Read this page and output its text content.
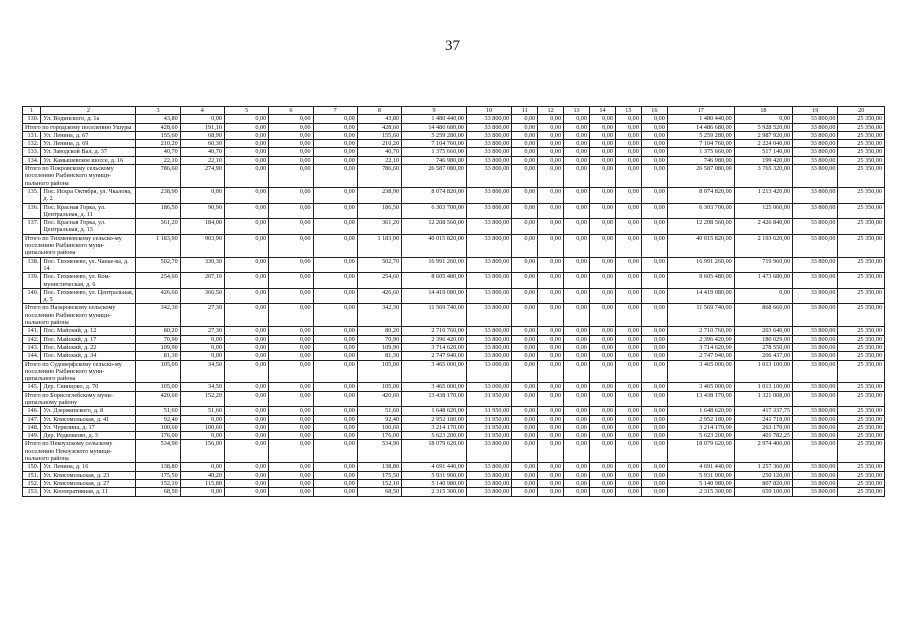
37
1	2	3	4	5	6	7	8	9	10	11	12	13	14	15	16	17	18	19	20
130.	Ул. Водинского, д. 1а	43,80	0,00	0,00	0,00	0,00	43,80	1 480 440,00	33 800,00	0,00	0,00	0,00	0,00	0,00	0,00	1 480 440,00	0,00	33 800,00	25 350,00
Итого по городскому поселению Ушуры		428,60	191,10	0,00	0,00	0,00	428,60	14 486 680,00	33 800,00	0,00	0,00	0,00	0,00	0,00	0,00	14 486 680,00	5 928 520,00	33 800,00	25 350,00
131.	Ул. Ленина, д. 67	155,60	68,90	0,00	0,00	0,00	155,60	5 259 280,00	33 800,00	0,00	0,00	0,00	0,00	0,00	0,00	5 259 280,00	2 987 920,00	33 800,00	25 350,00
132.	Ул. Ленина, д. 69	210,20	60,30	0,00	0,00	0,00	210,20	7 104 760,00	33 800,00	0,00	0,00	0,00	0,00	0,00	0,00	7 104 760,00	2 224 040,00	33 800,00	25 350,00
133.	Ул. Заводской Вал, д. 37	40,70	40,70	0,00	0,00	0,00	40,70	1 375 660,00	33 800,00	0,00	0,00	0,00	0,00	0,00	0,00	1 375 660,00	517 140,00	33 800,00	25 350,00
134.	Ул. Камышевское шоссе, д. 16	22,10	22,10	0,00	0,00	0,00	22,10	746 980,00	33 800,00	0,00	0,00	0,00	0,00	0,00	0,00	746 980,00	199 420,00	33 800,00	25 350,00
Итого по Покровскому сельскому поселению Рыбинского муници-пального района		786,60	274,90	0,00	0,00	0,00	786,60	26 587 080,00	33 800,00	0,00	0,00	0,00	0,00	0,00	0,00	26 587 080,00	3 765 320,00	33 800,00	25 350,00
135.	Пос. Искра Октября, ул. Чкалова, д. 2	238,90	0,00	0,00	0,00	0,00	238,90	8 074 820,00	33 800,00	0,00	0,00	0,00	0,00	0,00	0,00	8 074 820,00	1 213 420,00	33 800,00	25 350,00
136.	Пос. Красная Горка, ул. Центральная, д. 11	186,50	90,90	0,00	0,00	0,00	186,50	6 303 700,00	33 800,00	0,00	0,00	0,00	0,00	0,00	0,00	6 303 700,00	125 060,00	33 800,00	25 350,00
137.	Пос. Красная Горка, ул. Центральная, д. 13	361,20	184,00	0,00	0,00	0,00	361,20	12 208 560,00	33 800,00	0,00	0,00	0,00	0,00	0,00	0,00	12 208 560,00	2 426 840,00	33 800,00	25 350,00
Итого по Тихменевскому сельско-му поселению Рыбинского муни-ципального района		1 183,90	903,90	0,00	0,00	0,00	1 183,90	40 015 820,00	33 800,00	0,00	0,00	0,00	0,00	0,00	0,00	40 015 820,00	2 193 620,00	33 800,00	25 350,00
138.	Пос. Тихменево, ул. Чапае-ва, д. 14	502,70	330,30	0,00	0,00	0,00	502,70	16 991 260,00	33 800,00	0,00	0,00	0,00	0,00	0,00	0,00	16 991 260,00	719 960,00	33 800,00	25 350,00
139.	Пос. Тихменево, ул. Ком-мунистическая, д. 6	254,60	207,10	0,00	0,00	0,00	254,60	8 605 480,00	33 800,00	0,00	0,00	0,00	0,00	0,00	0,00	8 605 480,00	1 473 680,00	33 800,00	25 350,00
140.	Пос. Тихменево, ул. Центральная, д. 5	426,60	366,50	0,00	0,00	0,00	426,60	14 419 080,00	33 800,00	0,00	0,00	0,00	0,00	0,00	0,00	14 419 080,00	0,00	33 800,00	25 350,00
Итого по Назаровскому сельскому поселению Рыбинского муници-пального района		342,30	27,30	0,00	0,00	0,00	342,30	11 569 740,00	33 800,00	0,00	0,00	0,00	0,00	0,00	0,00	11 569 740,00	868 660,00	33 800,00	25 350,00
141.	Пос. Майский, д. 12	80,20	27,30	0,00	0,00	0,00	80,20	2 710 760,00	33 800,00	0,00	0,00	0,00	0,00	0,00	0,00	2 710 760,00	203 640,00	33 800,00	25 350,00
142.	Пос. Майский, д. 17	70,90	0,00	0,00	0,00	0,00	70,90	2 396 420,00	33 800,00	0,00	0,00	0,00	0,00	0,00	0,00	2 396 420,00	180 029,00	33 800,00	25 350,00
143.	Пос. Майский, д. 22	109,90	0,00	0,00	0,00	0,00	109,90	3 714 620,00	33 800,00	0,00	0,00	0,00	0,00	0,00	0,00	3 714 620,00	278 550,00	33 800,00	25 350,00
144.	Пос. Майский, д. 34	81,30	0,00	0,00	0,00	0,00	81,30	2 747 940,00	33 800,00	0,00	0,00	0,00	0,00	0,00	0,00	2 747 940,00	206 437,00	33 800,00	25 350,00
Итого по Судоверфскому сельско-му поселению Рыбинского муни-ципального района		105,00	34,50	0,00	0,00	0,00	105,00	3 465 000,00	33 000,00	0,00	0,00	0,00	0,00	0,00	0,00	3 465 000,00	1 013 100,00	33 800,00	25 350,00
145.	Дер. Свинцово, д. 70	105,00	34,50	0,00	0,00	0,00	105,00	3 465 000,00	33 000,00	0,00	0,00	0,00	0,00	0,00	0,00	3 465 000,00	1 013 100,00	33 800,00	25 350,00
Итого по Борисоглебскому муни-ципальному району		420,60	152,20	0,00	0,00	0,00	420,60	13 438 170,00	31 950,00	0,00	0,00	0,00	0,00	0,00	0,00	13 438 170,00	1 321 008,00	33 800,00	25 350,00
146.	Ул. Дзержинского, д. 8	51,60	51,60	0,00	0,00	0,00	51,60	1 648 620,00	31 950,00	0,00	0,00	0,00	0,00	0,00	0,00	1 648 620,00	417 337,75	33 800,00	25 350,00
147.	Ул. Комсомольская, д. 41	92,40	0,00	0,00	0,00	0,00	92,40	2 952 180,00	31 950,00	0,00	0,00	0,00	0,00	0,00	0,00	2 952 180,00	241 718,00	33 800,00	25 350,00
148.	Ул. Чурилина, д. 17	100,60	100,60	0,00	0,00	0,00	100,60	3 214 170,00	31 950,00	0,00	0,00	0,00	0,00	0,00	0,00	3 214 170,00	263 170,00	33 800,00	25 350,00
149.	Дер. Редкошово, д. 3	176,00	0,00	0,00	0,00	0,00	176,00	5 623 200,00	31 950,00	0,00	0,00	0,00	0,00	0,00	0,00	5 623 200,00	401 782,25	33 800,00	25 350,00
Итого по Некоузскому сельскому поселению Некоузского муници-пального района		534,90	156,00	0,00	0,00	0,00	534,90	18 079 620,00	33 800,00	0,00	0,00	0,00	0,00	0,00	0,00	18 079 620,00	2 974 400,00	33 800,00	25 350,00
150.	Ул. Ленина, д. 16	138,80	0,00	0,00	0,00	0,00	138,80	4 691 440,00	33 800,00	0,00	0,00	0,00	0,00	0,00	0,00	4 691 440,00	1 257 360,00	33 800,00	25 350,00
151.	Ул. Комсомольская, д. 23	175,50	40,20	0,00	0,00	0,00	175,50	5 931 900,00	33 800,00	0,00	0,00	0,00	0,00	0,00	0,00	5 931 900,00	250 120,00	33 800,00	25 350,00
152.	Ул. Комсомольская, д. 27	152,10	115,80	0,00	0,00	0,00	152,10	5 140 980,00	33 800,00	0,00	0,00	0,00	0,00	0,00	0,00	5 140 980,00	807 820,00	33 800,00	25 350,00
153.	Ул. Кооперативная, д. 11	68,50	0,00	0,00	0,00	0,00	68,50	2 315 300,00	33 800,00	0,00	0,00	0,00	0,00	0,00	0,00	2 315 300,00	659 100,00	33 800,00	25 350,00
